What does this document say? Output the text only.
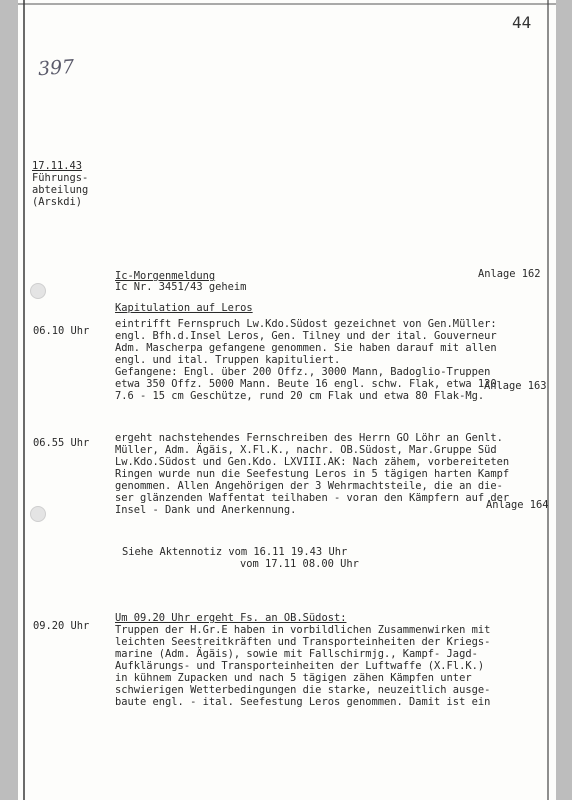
44
397
17.11.43
Führungs-
abteilung
(Arskdi)
Ic-Morgenmeldung
Ic Nr. 3451/43 geheim
Anlage 162
Kapitulation auf Leros
06.10 Uhr
eintrifft Fernspruch Lw.Kdo.Südost gezeichnet von Gen.Müller:
engl. Bfh.d.Insel Leros, Gen. Tilney und der ital. Gouverneur
Adm. Mascherpa gefangene genommen. Sie haben darauf mit allen
engl. und ital. Truppen kapituliert.
Gefangene: Engl. über 200 Offz., 3000 Mann, Badoglio-Truppen
etwa 350 Offz. 5000 Mann. Beute 16 engl. schw. Flak, etwa 120
7.6 - 15 cm Geschütze, rund 20 cm Flak und etwa 80 Flak-Mg.
Anlage 163
06.55 Uhr ergeht nachstehendes Fernschreiben des Herrn GO Löhr an Genlt.
Müller, Adm. Ägäis, X.Fl.K., nachr. OB.Südost, Mar.Gruppe Süd
Lw.Kdo.Südost und Gen.Kdo. LXVIII.AK: Nach zähem, vorbereiteten
Ringen wurde nun die Seefestung Leros in 5 tägigen harten Kampf
genommen. Allen Angehörigen der 3 Wehrmachtsteile, die an die-
ser glänzenden Waffentat teilhaben - voran den Kämpfern auf der
Insel - Dank und Anerkennung.	Anlage 164
Siehe Aktennotiz vom 16.11 19.43 Uhr
vom 17.11 08.00 Uhr
09.20 Uhr
Um 09.20 Uhr ergeht Fs. an OB.Südost:
Truppen der H.Gr.E haben in vorbildlichen Zusammenwirken mit
leichten Seestreitkräften und Transporteinheiten der Kriegs-
marine (Adm. Ägäis), sowie mit Fallschirmjg., Kampf- Jagd-
Aufklärungs- und Transporteinheiten der Luftwaffe (X.Fl.K.)
in kühnem Zupacken und nach 5 tägigen zähen Kämpfen unter
schwierigen Wetterbedingungen die starke, neuzeitlich ausge-
baute engl. - ital. Seefestung Leros genommen. Damit ist ein
